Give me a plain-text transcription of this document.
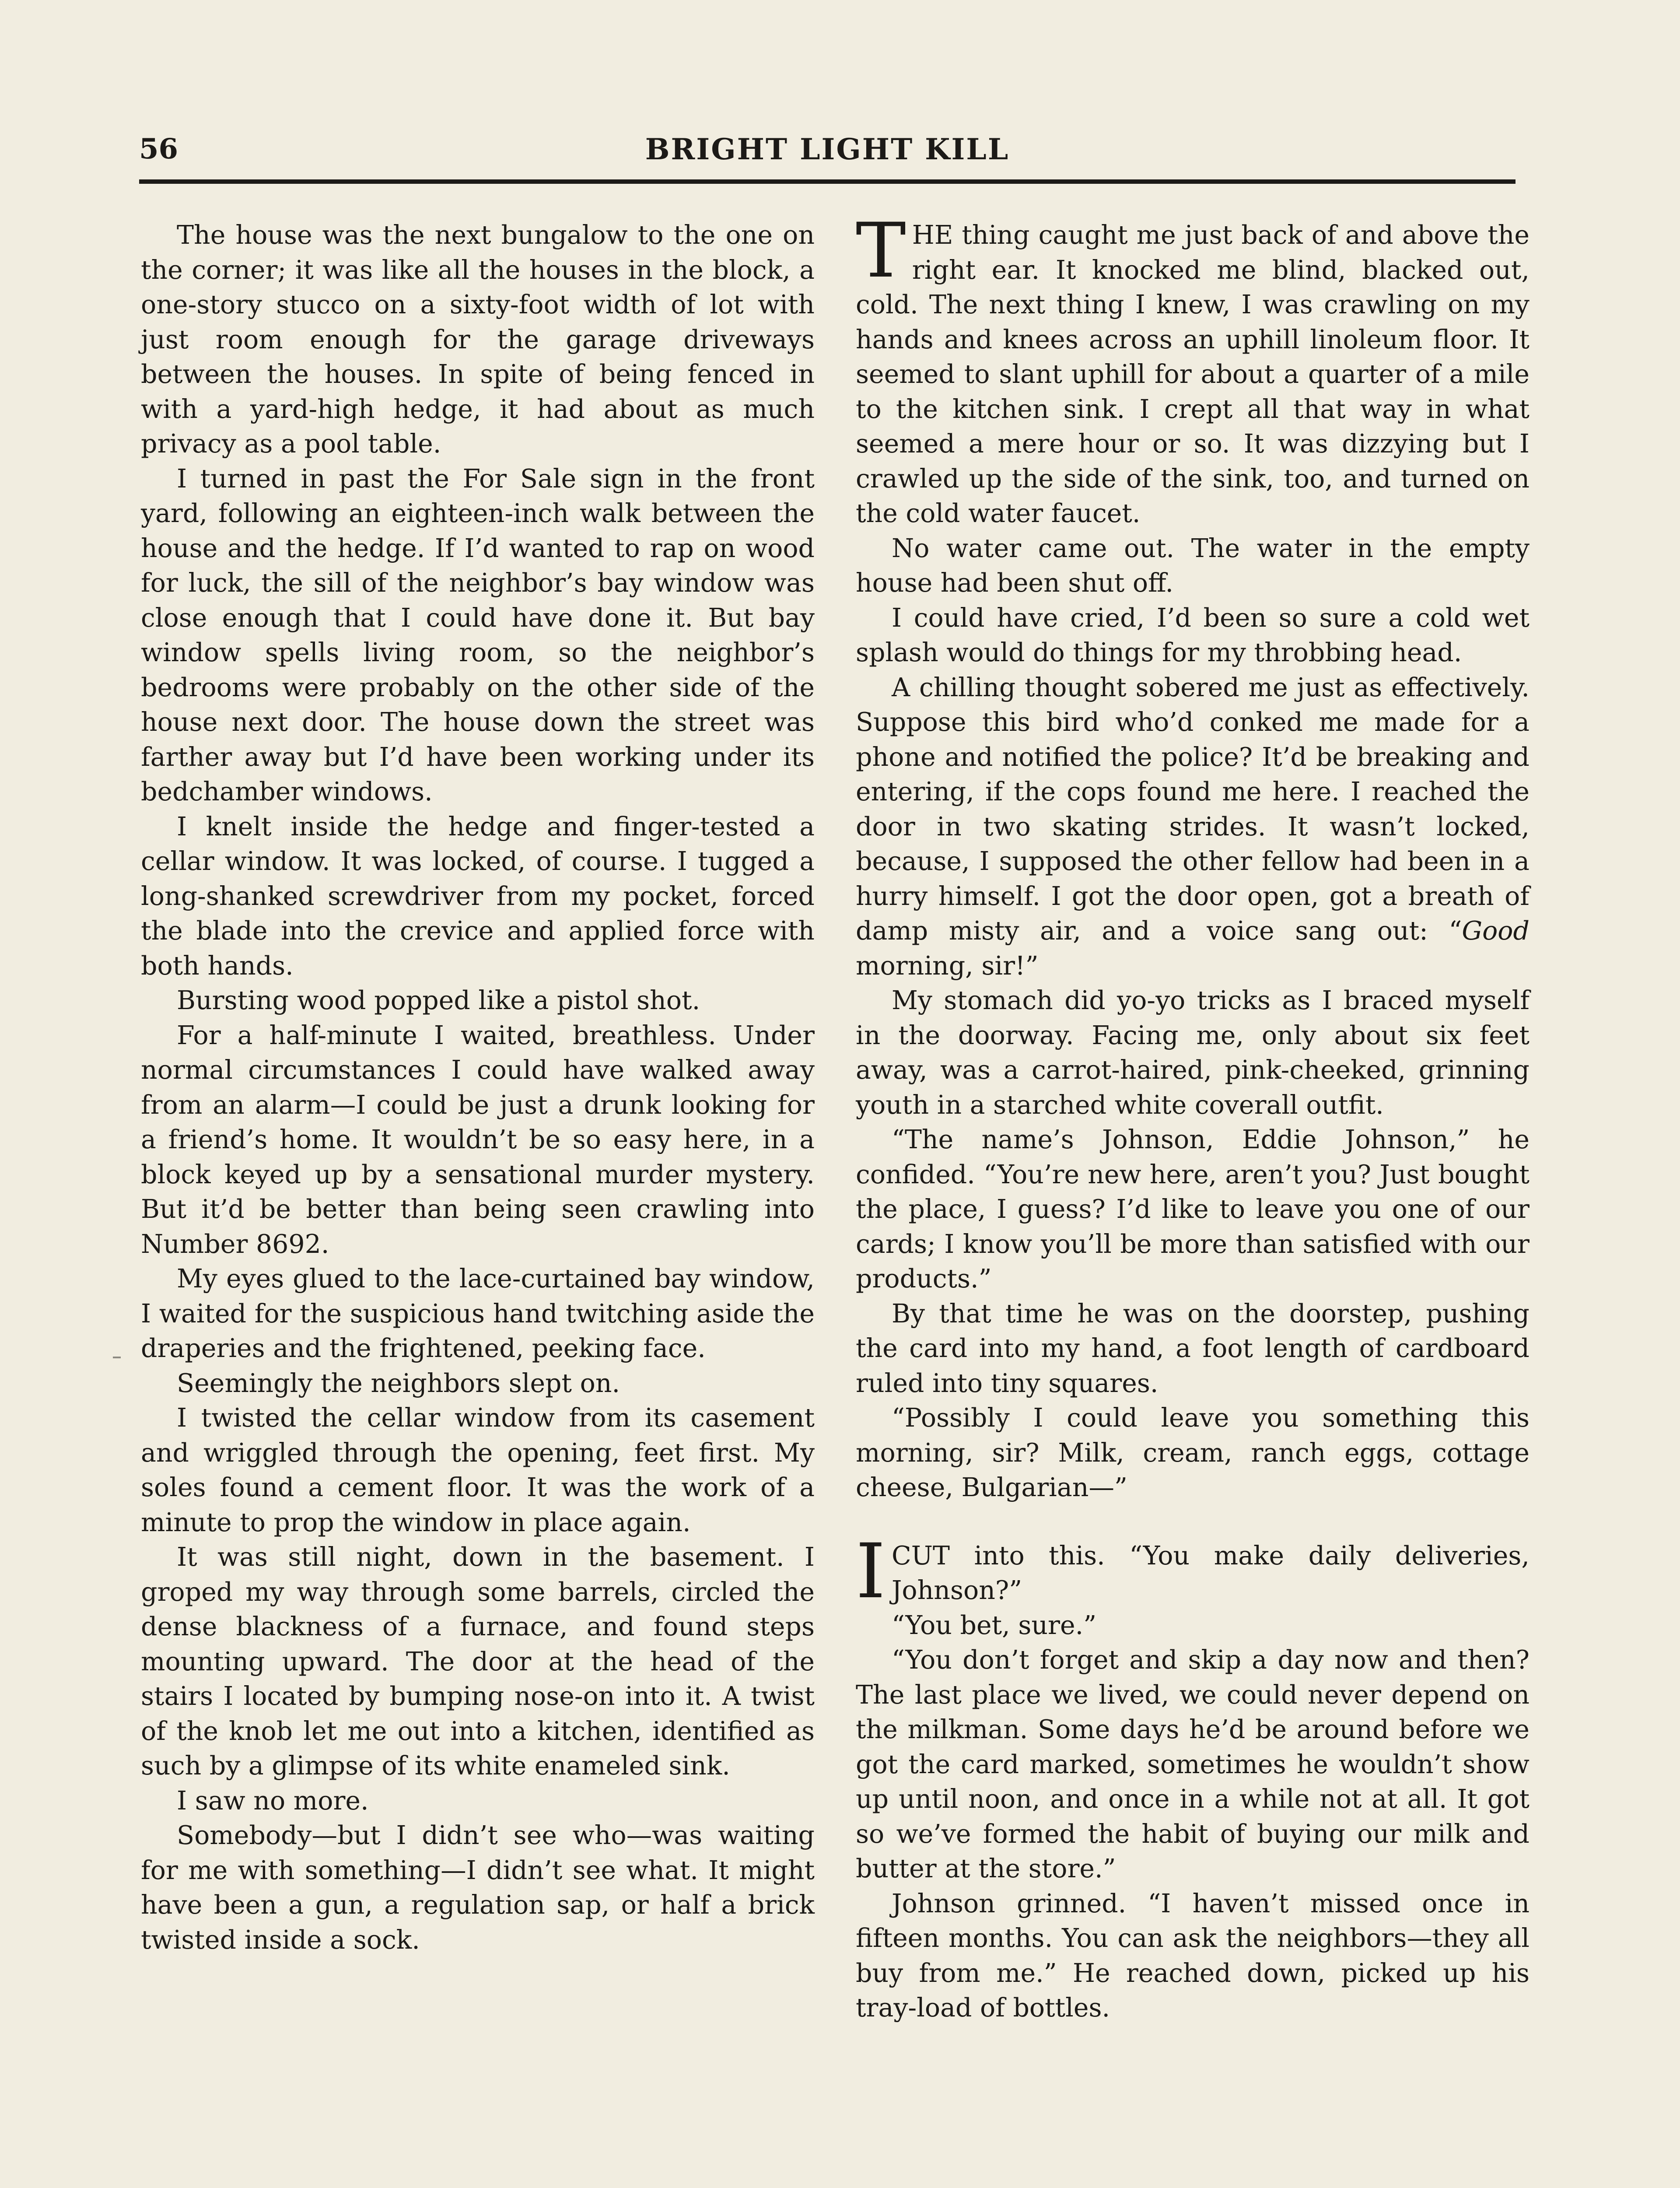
56	BRIGHT LIGHT KILL

The house was the next bungalow to the one on the corner; it was like all the houses in the block, a one-story stucco on a sixty-foot width of lot with just room enough for the garage driveways between the houses. In spite of being fenced in with a yard-high hedge, it had about as much privacy as a pool table.

I turned in past the For Sale sign in the front yard, following an eighteen-inch walk between the house and the hedge. If I’d wanted to rap on wood for luck, the sill of the neighbor’s bay window was close enough that I could have done it. But bay window spells living room, so the neighbor’s bedrooms were probably on the other side of the house next door. The house down the street was farther away but I’d have been working under its bedchamber windows.

I knelt inside the hedge and finger-tested a cellar window. It was locked, of course. I tugged a long-shanked screwdriver from my pocket, forced the blade into the crevice and applied force with both hands.

Bursting wood popped like a pistol shot.

For a half-minute I waited, breathless. Under normal circumstances I could have walked away from an alarm—I could be just a drunk looking for a friend’s home. It wouldn’t be so easy here, in a block keyed up by a sensational murder mystery. But it’d be better than being seen crawling into Number 8692.

My eyes glued to the lace-curtained bay window, I waited for the suspicious hand twitching aside the draperies and the frightened, peeking face.

Seemingly the neighbors slept on.

I twisted the cellar window from its casement and wriggled through the opening, feet first. My soles found a cement floor. It was the work of a minute to prop the window in place again.

It was still night, down in the basement. I groped my way through some barrels, circled the dense blackness of a furnace, and found steps mounting upward. The door at the head of the stairs I located by bumping nose-on into it. A twist of the knob let me out into a kitchen, identified as such by a glimpse of its white enameled sink.

I saw no more.

Somebody—but I didn’t see who—was waiting for me with something—I didn’t see what. It might have been a gun, a regulation sap, or half a brick twisted inside a sock.

THE thing caught me just back of and above the right ear. It knocked me blind, blacked out, cold. The next thing I knew, I was crawling on my hands and knees across an uphill linoleum floor. It seemed to slant uphill for about a quarter of a mile to the kitchen sink. I crept all that way in what seemed a mere hour or so. It was dizzying but I crawled up the side of the sink, too, and turned on the cold water faucet.

No water came out. The water in the empty house had been shut off.

I could have cried, I’d been so sure a cold wet splash would do things for my throbbing head.

A chilling thought sobered me just as effectively. Suppose this bird who’d conked me made for a phone and notified the police? It’d be breaking and entering, if the cops found me here. I reached the door in two skating strides. It wasn’t locked, because, I supposed the other fellow had been in a hurry himself. I got the door open, got a breath of damp misty air, and a voice sang out: “Good morning, sir!”

My stomach did yo-yo tricks as I braced myself in the doorway. Facing me, only about six feet away, was a carrot-haired, pink-cheeked, grinning youth in a starched white coverall outfit.

“The name’s Johnson, Eddie Johnson,” he confided. “You’re new here, aren’t you? Just bought the place, I guess? I’d like to leave you one of our cards; I know you’ll be more than satisfied with our products.”

By that time he was on the doorstep, pushing the card into my hand, a foot length of cardboard ruled into tiny squares.

“Possibly I could leave you something this morning, sir? Milk, cream, ranch eggs, cottage cheese, Bulgarian—”

ICUT into this. “You make daily deliveries, Johnson?”

“You bet, sure.”

“You don’t forget and skip a day now and then? The last place we lived, we could never depend on the milkman. Some days he’d be around before we got the card marked, sometimes he wouldn’t show up until noon, and once in a while not at all. It got so we’ve formed the habit of buying our milk and butter at the store.”

Johnson grinned. “I haven’t missed once in fifteen months. You can ask the neighbors—they all buy from me.” He reached down, picked up his tray-load of bottles.
